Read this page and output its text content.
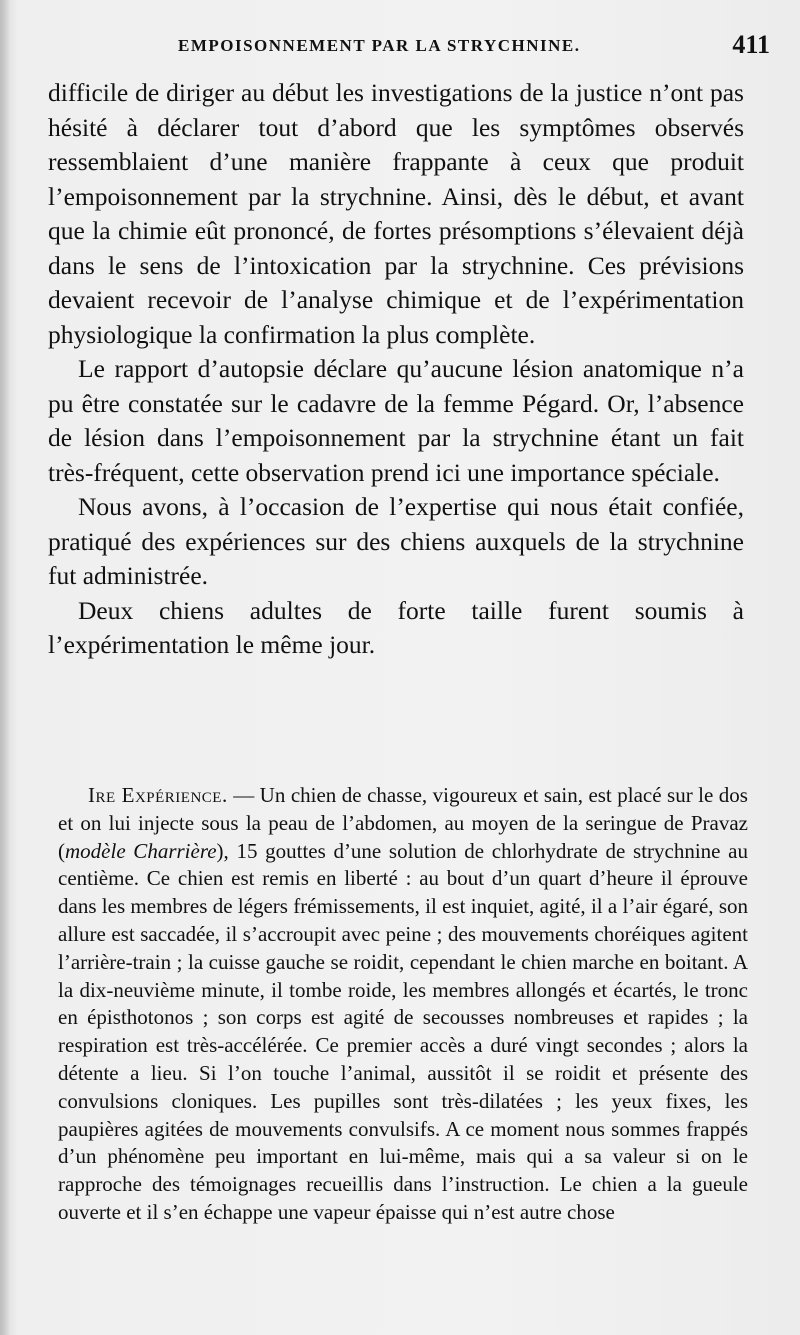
EMPOISONNEMENT PAR LA STRYCHNINE.	411

difficile de diriger au début les investigations de la justice n’ont pas hésité à déclarer tout d’abord que les symptômes observés ressemblaient d’une manière frappante à ceux que produit l’empoisonnement par la strychnine. Ainsi, dès le début, et avant que la chimie eût prononcé, de fortes présomptions s’élevaient déjà dans le sens de l’intoxication par la strychnine. Ces prévisions devaient recevoir de l’analyse chimique et de l’expérimentation physiologique la confirmation la plus complète.

Le rapport d’autopsie déclare qu’aucune lésion anatomique n’a pu être constatée sur le cadavre de la femme Pégard. Or, l’absence de lésion dans l’empoisonnement par la strychnine étant un fait très-fréquent, cette observation prend ici une importance spéciale.

Nous avons, à l’occasion de l’expertise qui nous était confiée, pratiqué des expériences sur des chiens auxquels de la strychnine fut administrée.

Deux chiens adultes de forte taille furent soumis à l’expérimentation le même jour.

Ire Expérience. — Un chien de chasse, vigoureux et sain, est placé sur le dos et on lui injecte sous la peau de l’abdomen, au moyen de la seringue de Pravaz (modèle Charrière), 15 gouttes d’une solution de chlorhydrate de strychnine au centième. Ce chien est remis en liberté : au bout d’un quart d’heure il éprouve dans les membres de légers frémissements, il est inquiet, agité, il a l’air égaré, son allure est saccadée, il s’accroupit avec peine ; des mouvements choréiques agitent l’arrière-train ; la cuisse gauche se roidit, cependant le chien marche en boitant. A la dix-neuvième minute, il tombe roide, les membres allongés et écartés, le tronc en épisthotonos ; son corps est agité de secousses nombreuses et rapides ; la respiration est très-accélérée. Ce premier accès a duré vingt secondes ; alors la détente a lieu. Si l’on touche l’animal, aussitôt il se roidit et présente des convulsions cloniques. Les pupilles sont très-dilatées ; les yeux fixes, les paupières agitées de mouvements convulsifs. A ce moment nous sommes frappés d’un phénomène peu important en lui-même, mais qui a sa valeur si on le rapproche des témoignages recueillis dans l’instruction. Le chien a la gueule ouverte et il s’en échappe une vapeur épaisse qui n’est autre chose
